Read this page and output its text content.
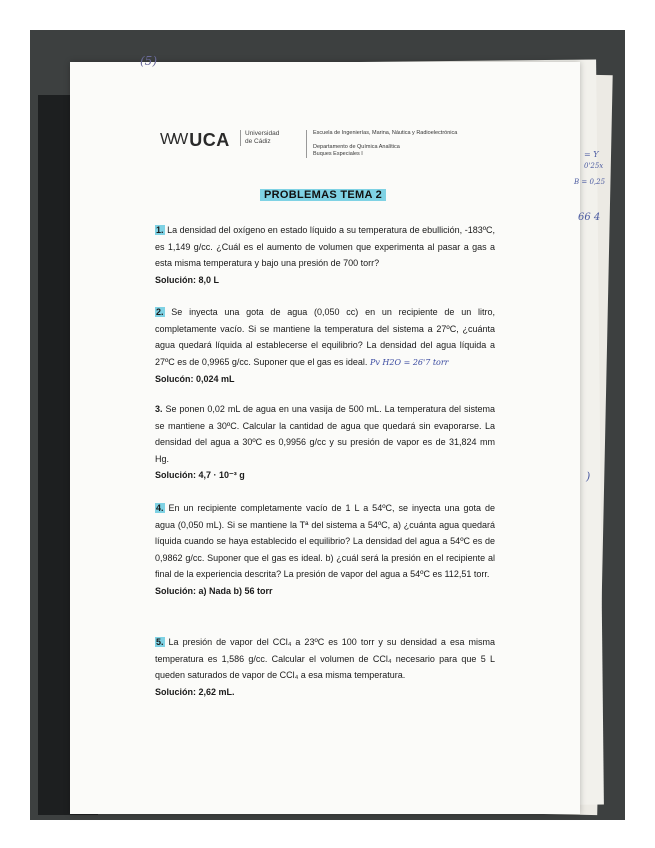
(5)
= Y
0'25x
B = 0,25
66 4
)
WW UCA Universidad
de Cádiz
Escuela de Ingenierías, Marina, Náutica y Radioelectrónica
Departamento de Química Analítica
Buques Especiales I
PROBLEMAS TEMA 2
1. La densidad del oxígeno en estado líquido a su temperatura de ebullición, -183ºC, es 1,149 g/cc. ¿Cuál es el aumento de volumen que experimenta al pasar a gas a esta misma temperatura y bajo una presión de 700 torr?
Solución: 8,0 L
2. Se inyecta una gota de agua (0,050 cc) en un recipiente de un litro, completamente vacío. Si se mantiene la temperatura del sistema a 27ºC, ¿cuánta agua quedará líquida al establecerse el equilibrio? La densidad del agua líquida a 27ºC es de 0,9965 g/cc. Suponer que el gas es ideal. Pv H2O = 26'7 torr
Solucón: 0,024 mL
3. Se ponen 0,02 mL de agua en una vasija de 500 mL. La temperatura del sistema se mantiene a 30ºC. Calcular la cantidad de agua que quedará sin evaporarse. La densidad del agua a 30ºC es 0,9956 g/cc y su presión de vapor es de 31,824 mm Hg.
Solución: 4,7 · 10⁻³ g
4. En un recipiente completamente vacío de 1 L a 54ºC, se inyecta una gota de agua (0,050 mL). Si se mantiene la Tª del sistema a 54ºC, a) ¿cuánta agua quedará líquida cuando se haya establecido el equilibrio? La densidad del agua a 54ºC es de 0,9862 g/cc. Suponer que el gas es ideal. b) ¿cuál será la presión en el recipiente al final de la experiencia descrita? La presión de vapor del agua a 54ºC es 112,51 torr.
Solución: a) Nada b) 56 torr
5. La presión de vapor del CCl₄ a 23ºC es 100 torr y su densidad a esa misma temperatura es 1,586 g/cc. Calcular el volumen de CCl₄ necesario para que 5 L queden saturados de vapor de CCl₄ a esa misma temperatura.
Solución: 2,62 mL.
